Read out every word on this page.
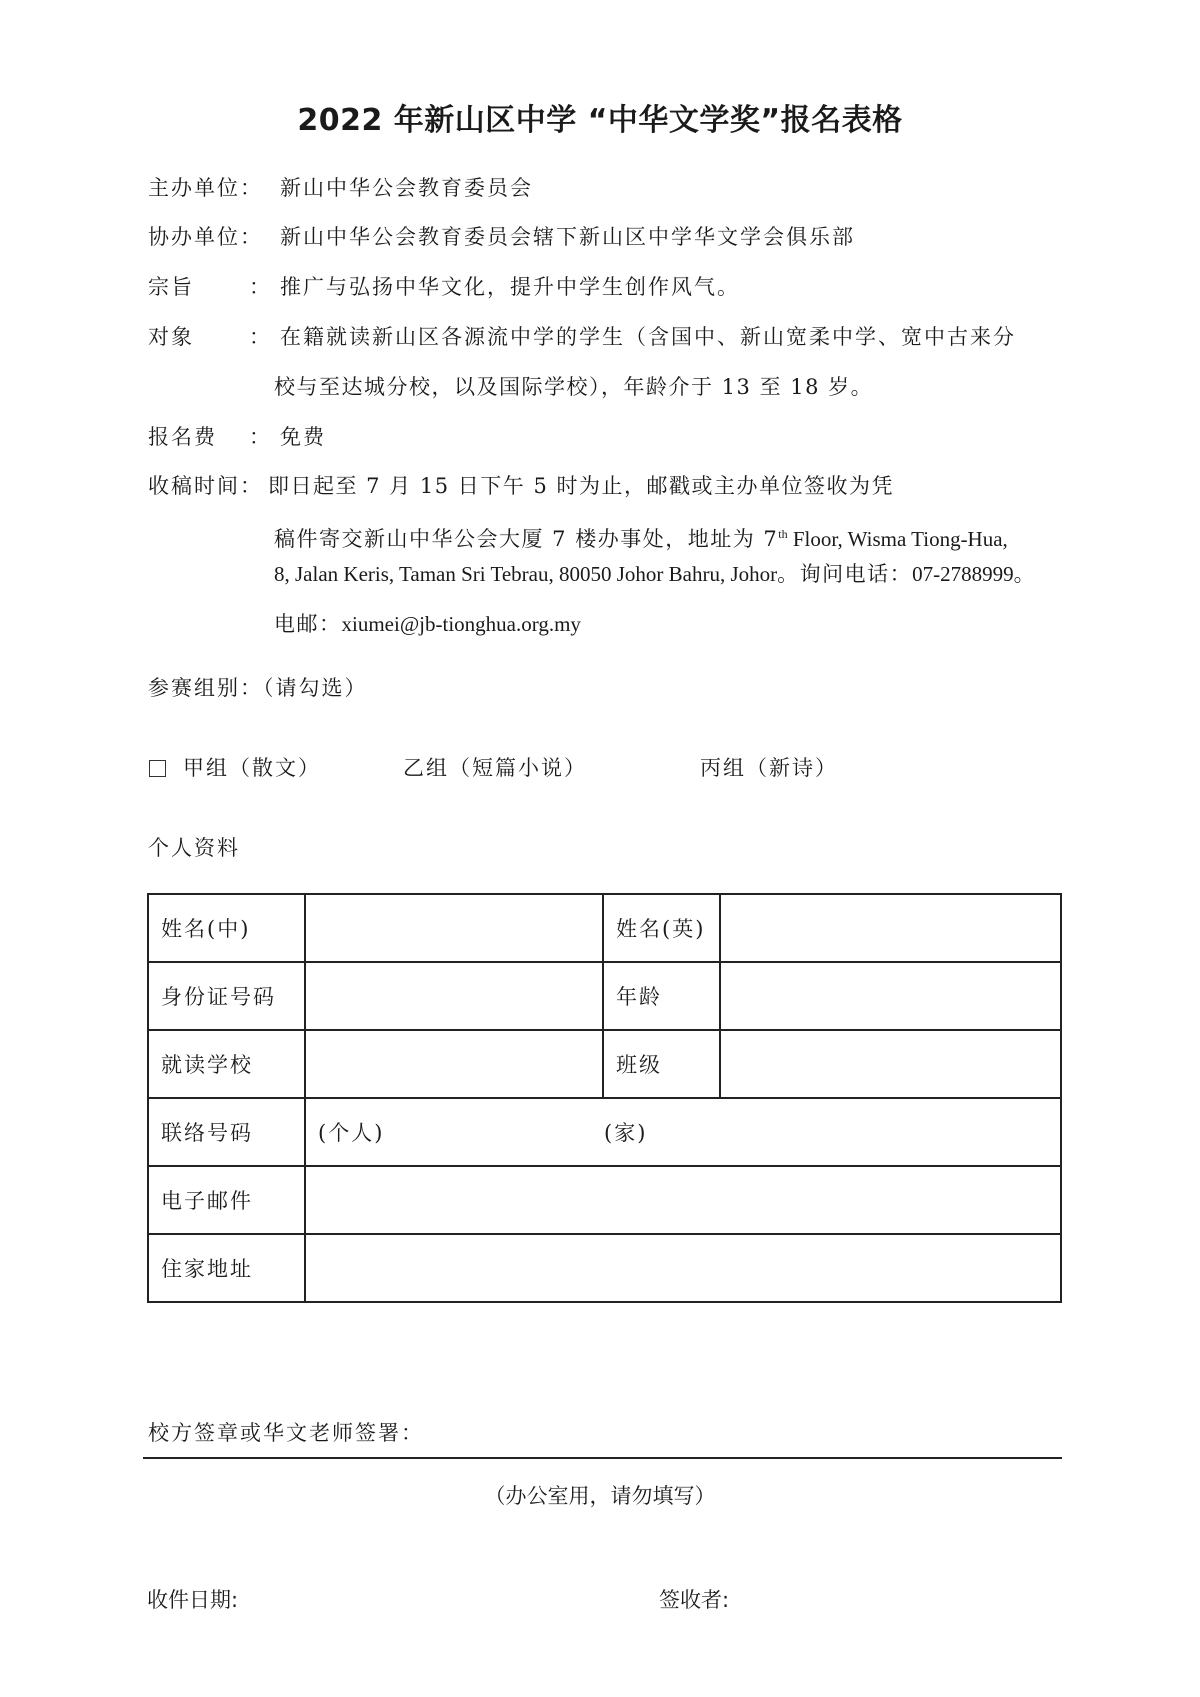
2022 年新山区中学 “中华文学奖”报名表格
主办单位： 新山中华公会教育委员会
协办单位： 新山中华公会教育委员会辖下新山区中学华文学会俱乐部
宗旨	： 推广与弘扬中华文化，提升中学生创作风气。
对象	： 在籍就读新山区各源流中学的学生（含国中、新山宽柔中学、宽中古来分
校与至达城分校，以及国际学校），年龄介于 13 至 18 岁。
报名费 ： 免费
收稿时间： 即日起至 7 月 15 日下午 5 时为止，邮戳或主办单位签收为凭
稿件寄交新山中华公会大厦 7 楼办事处，地址为 7th Floor, Wisma Tiong-Hua,
8, Jalan Keris, Taman Sri Tebrau, 80050 Johor Bahru, Johor。询问电话：07-2788999。
电邮：xiumei@jb-tionghua.org.my
参赛组别：（请勾选）
甲组（散文）	乙组（短篇小说）	丙组（新诗）
个人资料
姓名(中)		姓名(英)	
身份证号码		年龄	
就读学校		班级	
联络号码	(个人) (家)		

电子邮件			
住家地址			
校方签章或华文老师签署：
（办公室用，请勿填写）
收件日期:	签收者:
